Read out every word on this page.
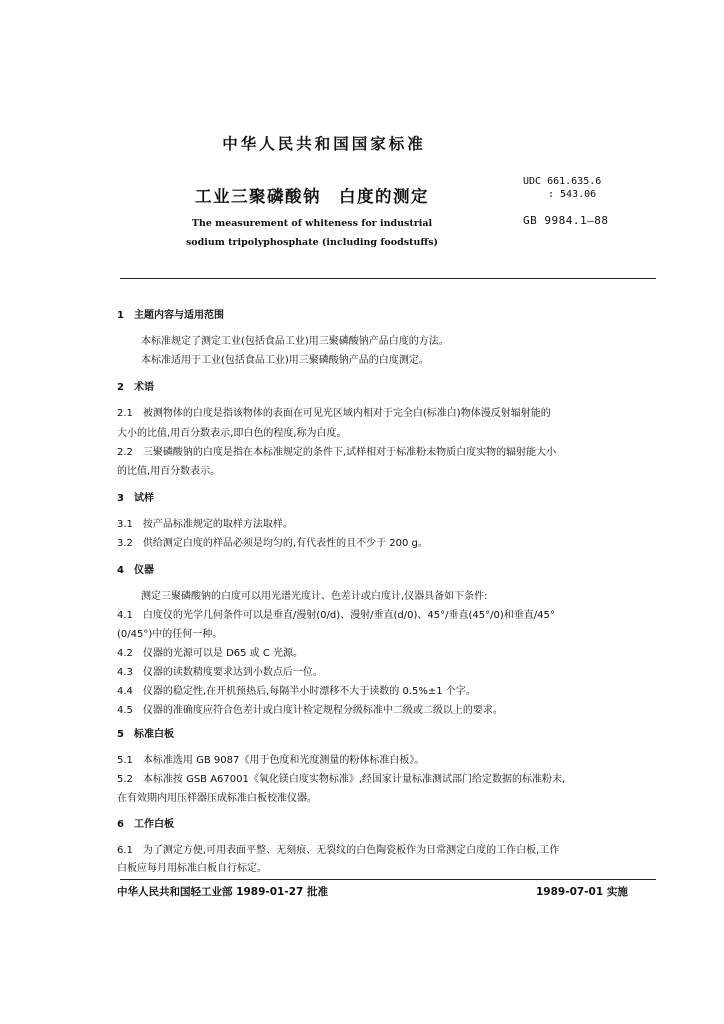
中华人民共和国国家标准
工业三聚磷酸钠　白度的测定
The measurement of whiteness for industrial
sodium tripolyphosphate (including foodstuffs)
UDC 661.635.6
: 543.06
GB 9984.1—88
1　主题内容与适用范围
本标准规定了测定工业(包括食品工业)用三聚磷酸钠产品白度的方法。
本标准适用于工业(包括食品工业)用三聚磷酸钠产品的白度测定。
2　术语
2.1　被测物体的白度是指该物体的表面在可见光区域内相对于完全白(标准白)物体漫反射辐射能的
大小的比值,用百分数表示,即白色的程度,称为白度。
2.2　三聚磷酸钠的白度是指在本标准规定的条件下,试样相对于标准粉末物质白度实物的辐射能大小
的比值,用百分数表示。
3　试样
3.1　按产品标准规定的取样方法取样。
3.2　供给测定白度的样品必须是均匀的,有代表性的且不少于 200 g。
4　仪器
测定三聚磷酸钠的白度可以用光谱光度计、色差计或白度计,仪器具备如下条件:
4.1　白度仪的光学几何条件可以是垂直/漫射(0/d)、漫射/垂直(d/0)、45°/垂直(45°/0)和垂直/45°
(0/45°)中的任何一种。
4.2　仪器的光源可以是 D65 或 C 光源。
4.3　仪器的读数精度要求达到小数点后一位。
4.4　仪器的稳定性,在开机预热后,每隔半小时漂移不大于读数的 0.5%±1 个字。
4.5　仪器的准确度应符合色差计或白度计检定规程分级标准中二级或二级以上的要求。
5　标准白板
5.1　本标准选用 GB 9087《用于色度和光度测量的粉体标准白板》。
5.2　本标准按 GSB A67001《氧化镁白度实物标准》,经国家计量标准测试部门给定数据的标准粉末,
在有效期内用压样器压成标准白板校准仪器。
6　工作白板
6.1　为了测定方便,可用表面平整、无刻痕、无裂纹的白色陶瓷板作为日常测定白度的工作白板,工作
白板应每月用标准白板自行标定。
中华人民共和国轻工业部 1989-01-27 批准	1989-07-01 实施
